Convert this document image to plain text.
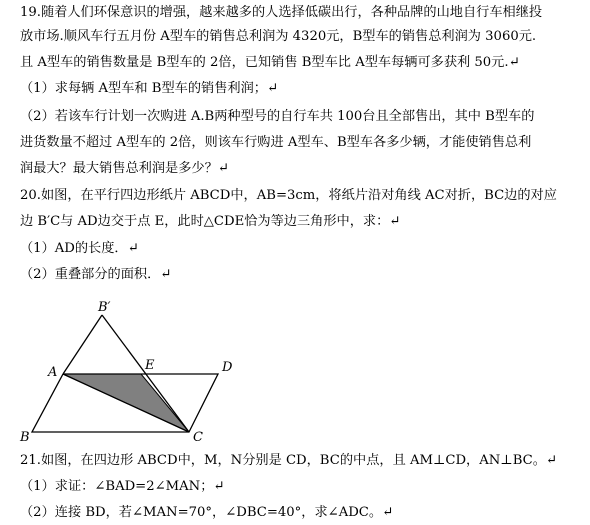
19.随着人们环保意识的增强，越来越多的人选择低碳出行，各种品牌的山地自行车相继投
放市场.顺风车行五月份 A型车的销售总利润为 4320元，B型车的销售总利润为 3060元.
且 A型车的销售数量是 B型车的 2倍，已知销售 B型车比 A型车每辆可多获利 50元.↵
（1）求每辆 A型车和 B型车的销售利润；↵
（2）若该车行计划一次购进 A.B两种型号的自行车共 100台且全部售出，其中 B型车的
进货数量不超过 A型车的 2倍，则该车行购进 A型车、B型车各多少辆，才能使销售总利
润最大？最大销售总利润是多少？↵
20.如图，在平行四边形纸片 ABCD中，AB=3cm，将纸片沿对角线 AC对折，BC边的对应
边 B′C与 AD边交于点 E，此时△CDE恰为等边三角形中，求：↵
（1）AD的长度．↵
（2）重叠部分的面积．↵
B′
A	E	D
B	C
21.如图，在四边形 ABCD中，M，N分别是 CD，BC的中点，且 AM⊥CD，AN⊥BC。↵
（1）求证：∠BAD=2∠MAN；↵
（2）连接 BD，若∠MAN=70°，∠DBC=40°，求∠ADC。↵
